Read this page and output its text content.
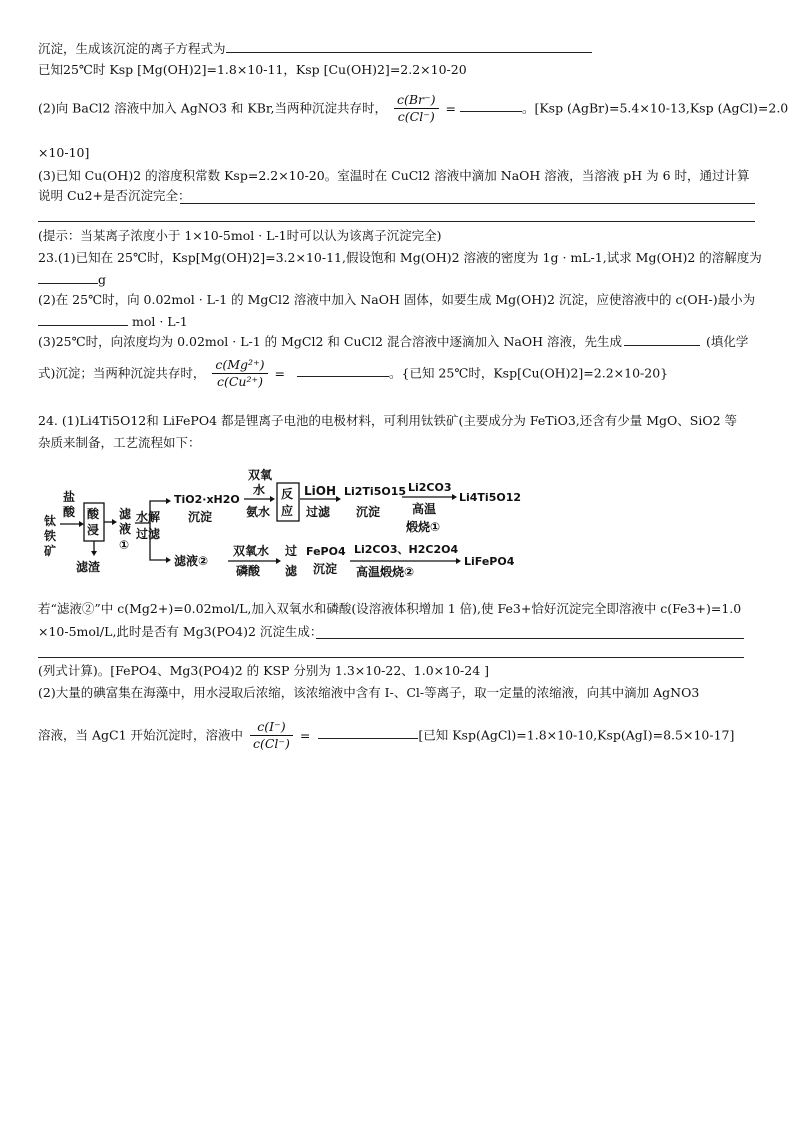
沉淀，生成该沉淀的离子方程式为
已知25℃时 Ksp [Mg(OH)2]=1.8×10-11，Ksp [Cu(OH)2]=2.2×10-20
(2)向 BaCl2 溶液中加入 AgNO3 和 KBr,当两种沉淀共存时， $\frac{c(Br^-)}{c(Cl^-)}$ =	。[Ksp (AgBr)=5.4×10-13,Ksp (AgCl)=2.0
×10-10]
(3)已知 Cu(OH)2 的溶度积常数 Ksp=2.2×10-20。室温时在 CuCl2 溶液中滴加 NaOH 溶液，当溶液 pH 为 6 时，通过计算
说明 Cu2+是否沉淀完全：
(提示：当某离子浓度小于 1×10-5mol · L-1时可以认为该离子沉淀完全)
23.(1)已知在 25℃时，Ksp[Mg(OH)2]=3.2×10-11,假设饱和 Mg(OH)2 溶液的密度为 1g · mL-1,试求 Mg(OH)2 的溶解度为
g
(2)在 25℃时，向 0.02mol · L-1 的 MgCl2 溶液中加入 NaOH 固体，如要生成 Mg(OH)2 沉淀，应使溶液中的 c(OH-)最小为
mol · L-1
(3)25℃时，向浓度均为 0.02mol · L-1 的 MgCl2 和 CuCl2 混合溶液中逐滴加入 NaOH 溶液，先生成	(填化学
式)沉淀；当两种沉淀共存时， $\frac{\text{c(Mg²⁺)}}{\text{c(Cu²⁺)}}$ =	。{已知 25℃时，Ksp[Cu(OH)2]=2.2×10-20}
24. (1)Li4Ti5O12和 LiFePO4 都是锂离子电池的电极材料，可利用钛铁矿(主要成分为 FeTiO3,还含有少量 MgO、SiO2 等
杂质来制备，工艺流程如下：
钛
铁
矿
盐
酸 酸
浸
滤渣
滤
液
①
水解
过滤
TiO2·xH2O
沉淀
双氧
水
氨水
反
应
LiOH
过滤
Li2Ti5O15
沉淀
Li2CO3
高温
煅烧①
Li4Ti5O12
滤液②
双氧水
磷酸
过
滤
FePO4
沉淀
Li2CO3、H2C2O4
高温煅烧②
LiFePO4
若“滤液②”中 c(Mg2+)=0.02mol/L,加入双氧水和磷酸(设溶液体积增加 1 倍),使 Fe3+恰好沉淀完全即溶液中 c(Fe3+)=1.0
×10-5mol/L,此时是否有 Mg3(PO4)2 沉淀生成：
(列式计算)。[FePO4、Mg3(PO4)2 的 KSP 分别为 1.3×10-22、1.0×10-24 ]
(2)大量的碘富集在海藻中，用水浸取后浓缩，该浓缩液中含有 I-、Cl-等离子，取一定量的浓缩液，向其中滴加 AgNO3
溶液，当 AgC1 开始沉淀时，溶液中 $\frac{c(I^-)}{c(Cl^-)}$ =	[已知 Ksp(AgCl)=1.8×10-10,Ksp(AgI)=8.5×10-17]
